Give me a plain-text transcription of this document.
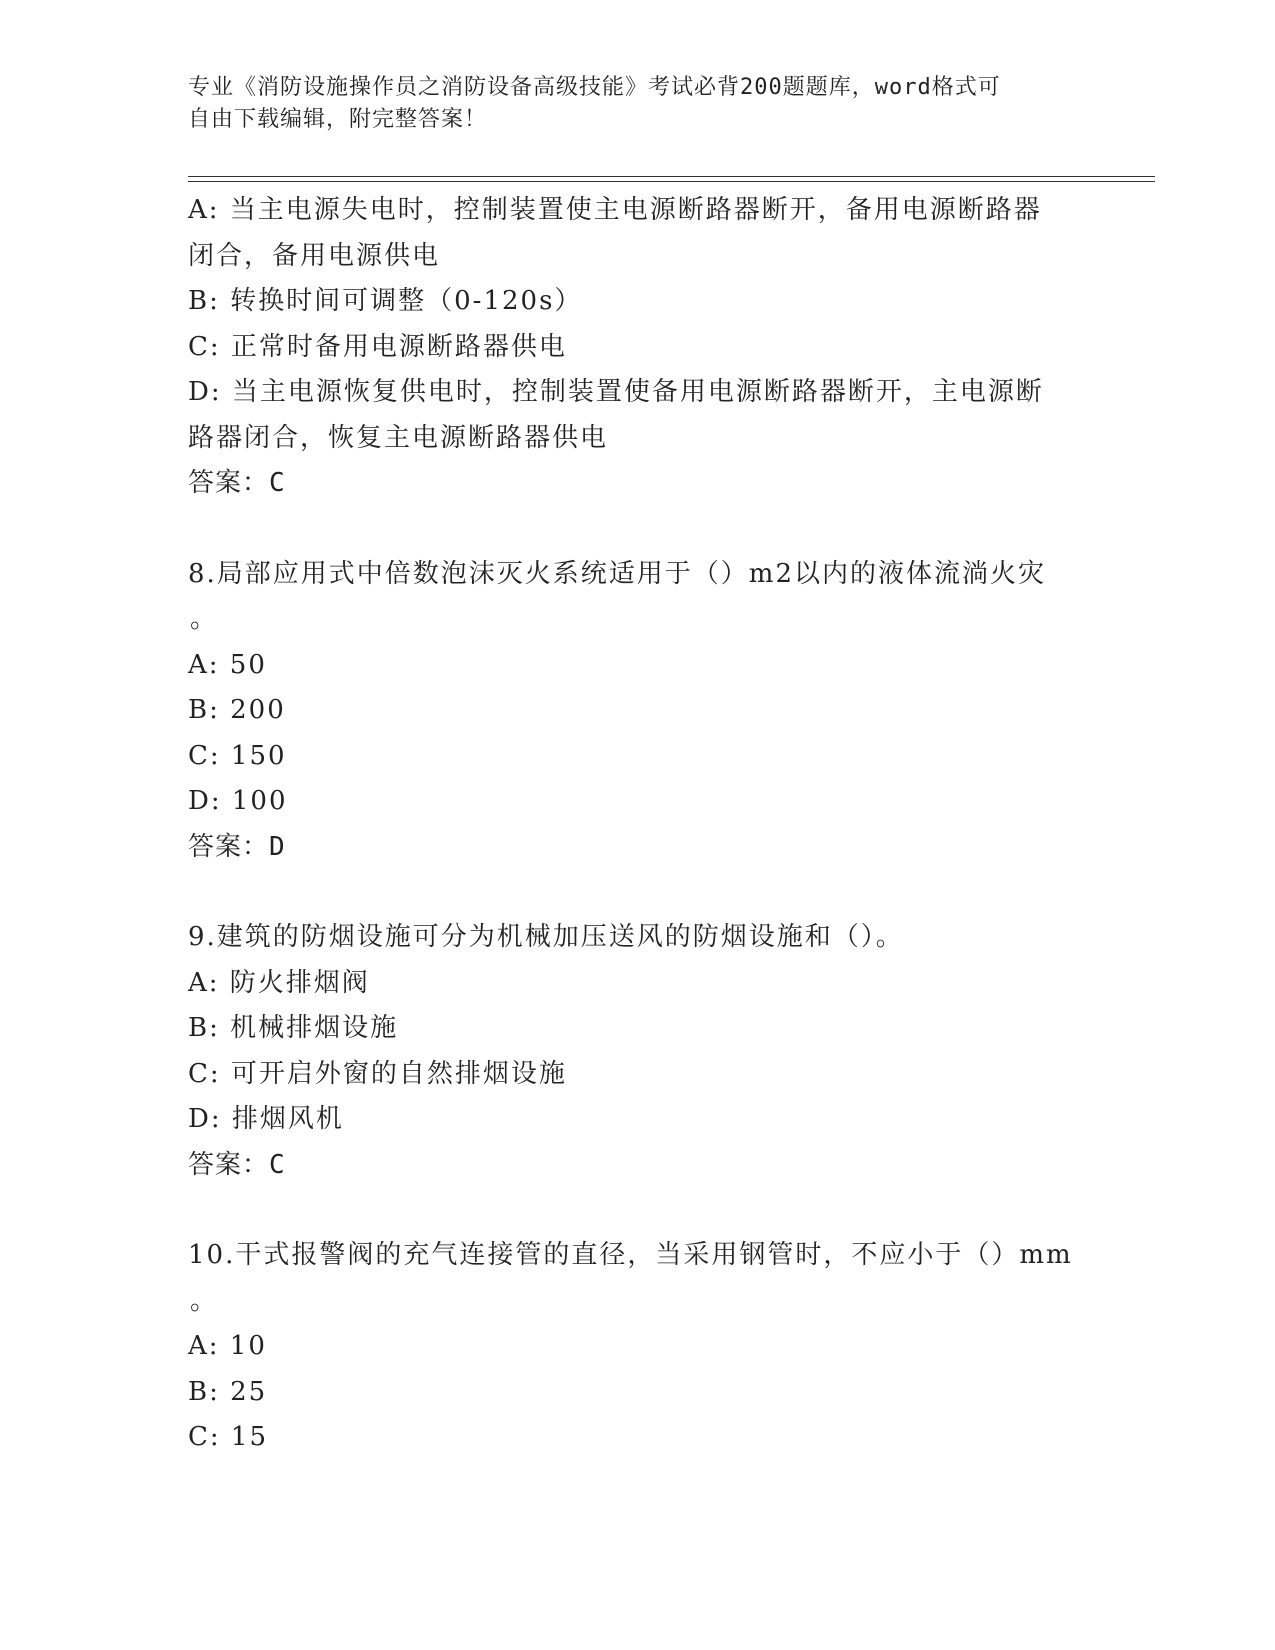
专业《消防设施操作员之消防设备高级技能》考试必背200题题库，word格式可
自由下载编辑，附完整答案！
A: 当主电源失电时，控制装置使主电源断路器断开，备用电源断路器
闭合，备用电源供电
B: 转换时间可调整（0-120s）
C: 正常时备用电源断路器供电
D: 当主电源恢复供电时，控制装置使备用电源断路器断开，主电源断
路器闭合，恢复主电源断路器供电
答案：C
8.局部应用式中倍数泡沫灭火系统适用于（）m2以内的液体流淌火灾
。
A: 50
B: 200
C: 150
D: 100
答案：D
9.建筑的防烟设施可分为机械加压送风的防烟设施和（）。
A: 防火排烟阀
B: 机械排烟设施
C: 可开启外窗的自然排烟设施
D: 排烟风机
答案：C
10.干式报警阀的充气连接管的直径，当采用钢管时，不应小于（）mm
。
A: 10
B: 25
C: 15
